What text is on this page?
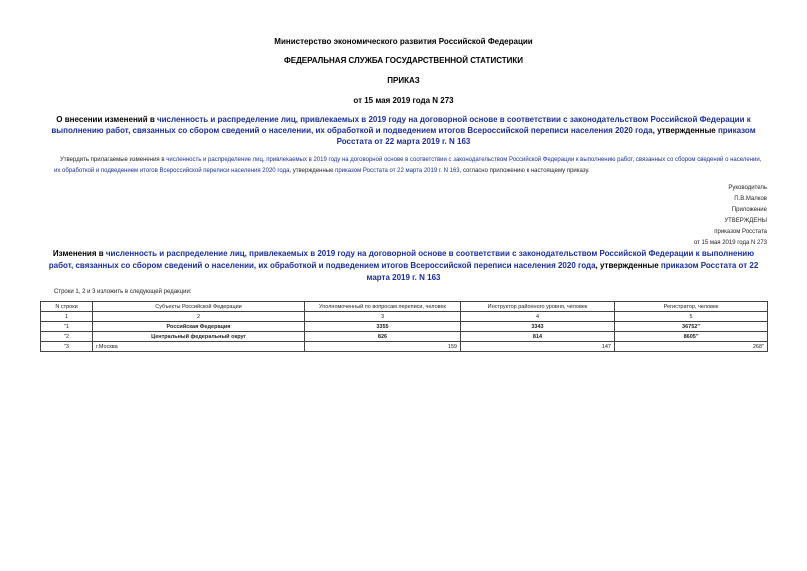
Министерство экономического развития Российской Федерации
ФЕДЕРАЛЬНАЯ СЛУЖБА ГОСУДАРСТВЕННОЙ СТАТИСТИКИ
ПРИКАЗ
от 15 мая 2019 года N 273
О внесении изменений в численность и распределение лиц, привлекаемых в 2019 году на договорной основе в соответствии с законодательством Российской Федерации к выполнению работ, связанных со сбором сведений о населении, их обработкой и подведением итогов Всероссийской переписи населения 2020 года, утвержденные приказом Росстата от 22 марта 2019 г. N 163
Утвердить прилагаемые изменения в численность и распределение лиц, привлекаемых в 2019 году на договорной основе в соответствии с законодательством Российской Федерации к выполнению работ, связанных со сбором сведений о населении, их обработкой и подведением итогов Всероссийской переписи населения 2020 года, утвержденные приказом Росстата от 22 марта 2019 г. N 163, согласно приложению к настоящему приказу.
Руководитель
П.В.Малков
Приложение
УТВЕРЖДЕНЫ
приказом Росстата
от 15 мая 2019 года N 273
Изменения в численность и распределение лиц, привлекаемых в 2019 году на договорной основе в соответствии с законодательством Российской Федерации к выполнению работ, связанных со сбором сведений о населении, их обработкой и подведением итогов Всероссийской переписи населения 2020 года, утвержденные приказом Росстата от 22 марта 2019 г. N 163
Строки 1, 2 и 3 изложить в следующей редакции:
N строки	Субъекты Российской Федерации	Уполномоченный по вопросам переписи, человек	Инструктор районного уровня, человек	Регистратор, человек
1	2	3	4	5
"1	Российская Федерация	3355	3343	36752"
"2	Центральный федеральный округ	826	814	8605"
"3	г.Москва	159	147	268"
